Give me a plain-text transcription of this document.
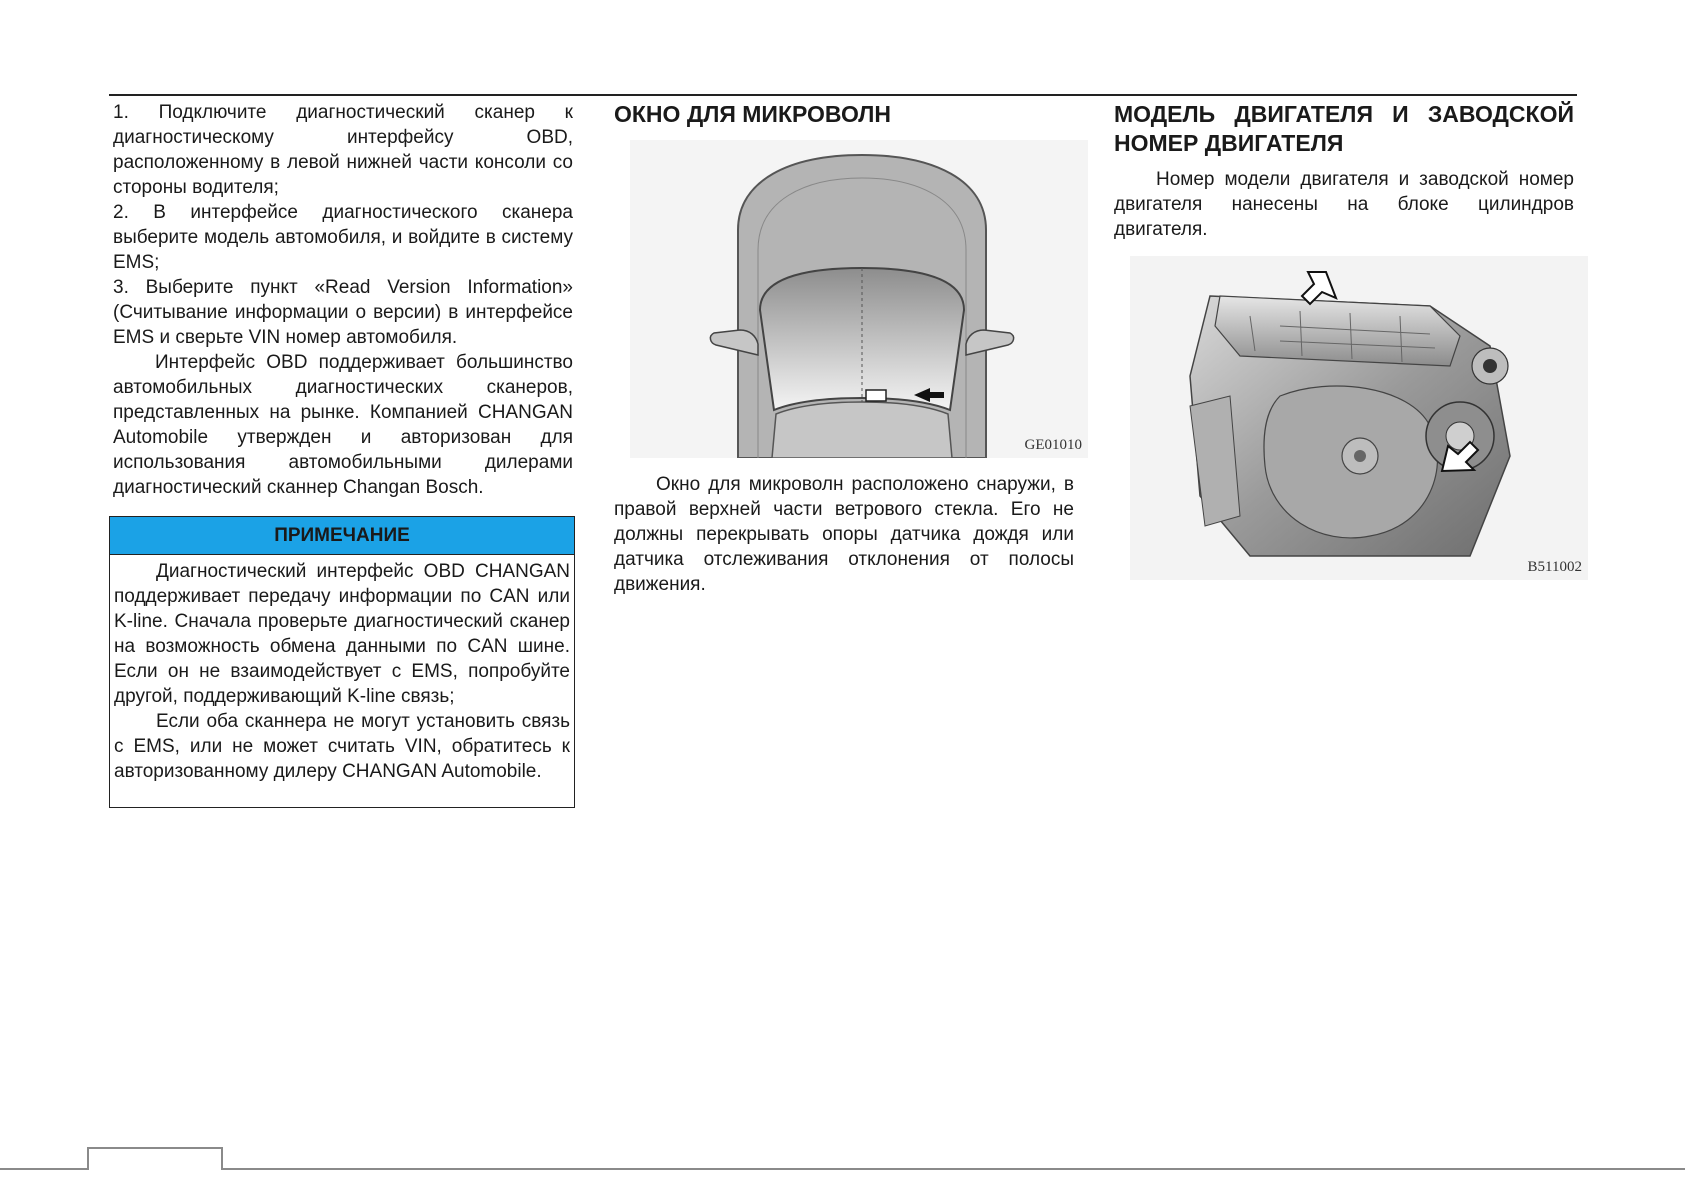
1. Подключите диагностический сканер к диагностическому интерфейсу OBD, расположенному в левой нижней части консоли со стороны водителя;

2. В интерфейсе диагностического сканера выберите модель автомобиля, и войдите в систему EMS;

3. Выберите пункт «Read Version Information» (Считывание информации о версии) в интерфейсе EMS и сверьте VIN номер автомобиля.

Интерфейс OBD поддерживает большинство автомобильных диагностических сканеров, представленных на рынке. Компанией CHANGAN Automobile утвержден и авторизован для использования автомобильными дилерами диагностический сканнер Changan Bosch.

ПРИМЕЧАНИЕ

Диагностический интерфейс OBD CHANGAN поддерживает передачу информации по CAN или K-line. Сначала проверьте диагностический сканер на возможность обмена данными по CAN шине. Если он не взаимодействует с EMS, попробуйте другой, поддерживающий K-line связь;

Если оба сканнера не могут установить связь с EMS, или не может считать VIN, обратитесь к авторизованному дилеру CHANGAN Automobile.

ОКНО ДЛЯ МИКРОВОЛН
GE01010

Окно для микроволн расположено снаружи, в правой верхней части ветрового стекла. Его не должны перекрывать опоры датчика дождя или датчика отслеживания отклонения от полосы движения.

МОДЕЛЬ ДВИГАТЕЛЯ И ЗАВОДСКОЙ
НОМЕР ДВИГАТЕЛЯ

Номер модели двигателя и заводской номер двигателя нанесены на блоке цилиндров двигателя.

B511002
